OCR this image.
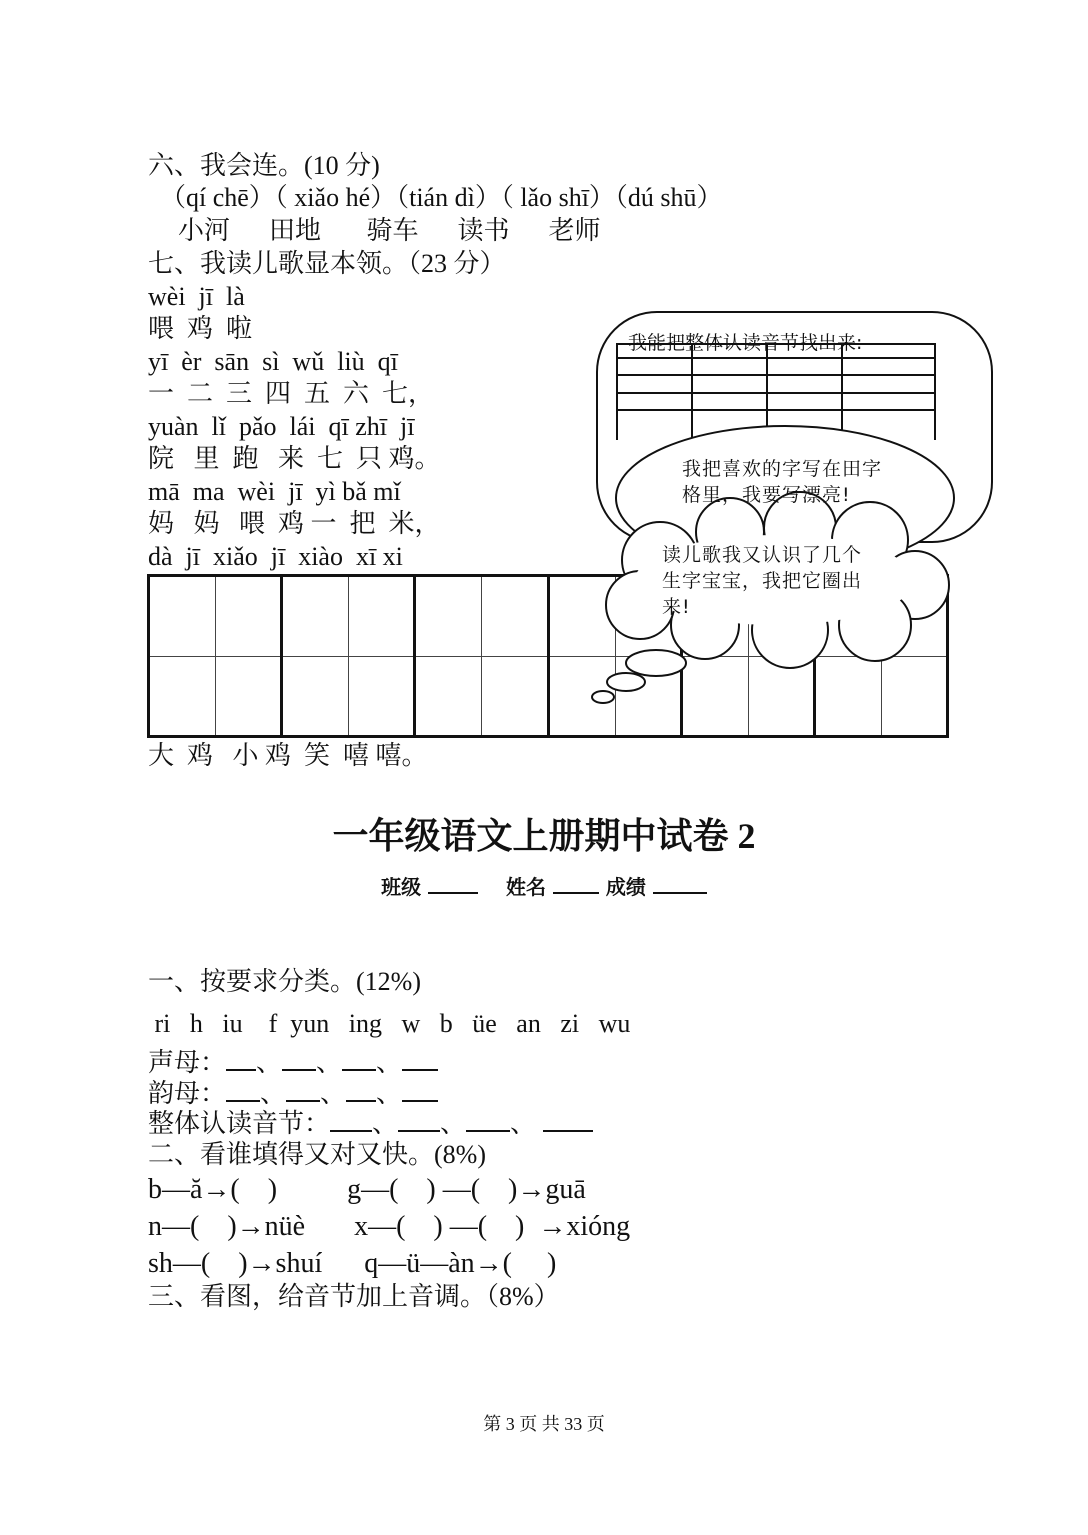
六、我会连。(10 分)
（qí chē）（ xiǎo hé）（tián dì）（ lǎo shī）（dú shū）
小河      田地       骑车      读书      老师
七、我读儿歌显本领。（23 分）
wèi  jī  là
喂  鸡  啦
yī  èr  sān  sì  wǔ  liù  qī
一  二  三  四  五  六  七，
yuàn  lǐ  pǎo  lái  qī zhī  jī
院   里  跑   来  七  只 鸡。
mā  ma  wèi  jī  yì bǎ mǐ
妈   妈   喂  鸡 一  把  米，
dà  jī  xiǎo  jī  xiào  xī xi
我能把整体认读音节找出来:
我把喜欢的字写在田字格里，我要写漂亮!
读儿歌我又认识了几个生字宝宝，我把它圈出来!
大  鸡   小 鸡  笑  嘻 嘻。
一年级语文上册期中试卷 2
班级	姓名	成绩
一、按要求分类。(12%)
ri   h   iu    f  yun   ing   w   b   üe   an   zi   wu
声母： 、 、 、
韵母： 、 、 、
整体认读音节： 、 、 、
二、看谁填得又对又快。(8%)
b—ă→(    )          g—(    ) —(    )→guā
n—(    )→nüè       x—(    ) —(    )  →xióng
sh—(    )→shuí      q—ü—àn→(     )
三、看图，给音节加上音调。（8%）
第 3 页 共 33 页
